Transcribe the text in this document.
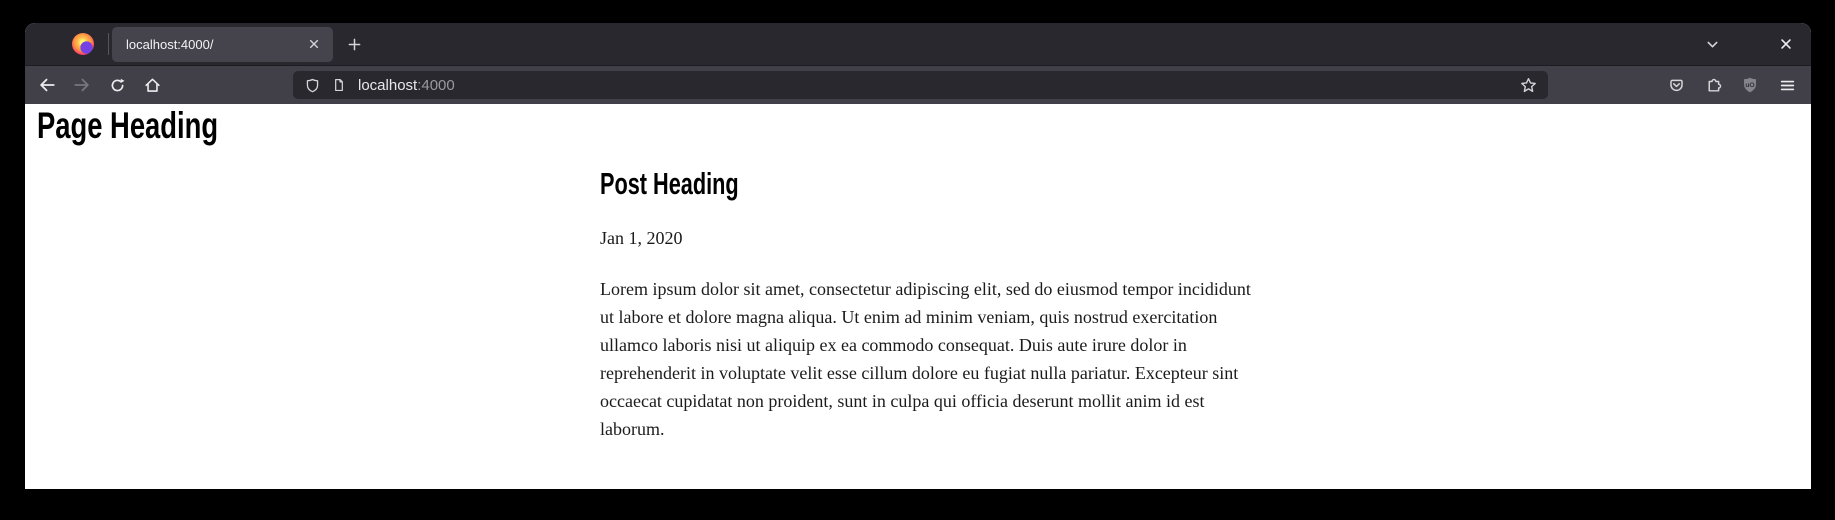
localhost:4000/
localhost:4000	uO
Page Heading
Post Heading

Jan 1, 2020

Lorem ipsum dolor sit amet, consectetur adipiscing elit, sed do eiusmod tempor incididunt ut labore et dolore magna aliqua. Ut enim ad minim veniam, quis nostrud exercitation ullamco laboris nisi ut aliquip ex ea commodo consequat. Duis aute irure dolor in reprehenderit in voluptate velit esse cillum dolore eu fugiat nulla pariatur. Excepteur sint occaecat cupidatat non proident, sunt in culpa qui officia deserunt mollit anim id est laborum.
